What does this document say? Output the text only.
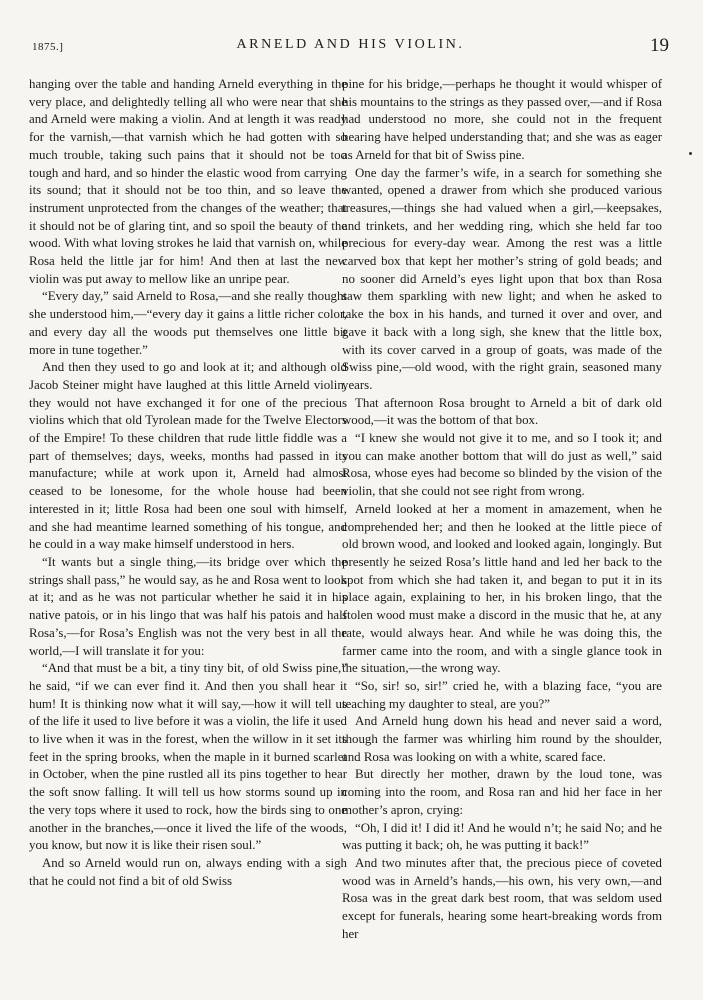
1875.]	ARNELD AND HIS VIOLIN.	19

hanging over the table and handing Arneld everything in the very place, and delightedly telling all who were near that she and Arneld were making a violin. And at length it was ready for the varnish,—that varnish which he had gotten with so much trouble, taking such pains that it should not be too tough and hard, and so hinder the elastic wood from carrying its sound; that it should not be too thin, and so leave the instrument unprotected from the changes of the weather; that it should not be of glaring tint, and so spoil the beauty of the wood. With what loving strokes he laid that varnish on, while Rosa held the little jar for him! And then at last the new violin was put away to mellow like an unripe pear.

“Every day,” said Arneld to Rosa,—and she really thought she understood him,—“every day it gains a little richer color, and every day all the woods put themselves one little bit more in tune together.”

And then they used to go and look at it; and although old Jacob Steiner might have laughed at this little Arneld violin, they would not have exchanged it for one of the precious violins which that old Tyrolean made for the Twelve Electors of the Empire! To these children that rude little fiddle was a part of themselves; days, weeks, months had passed in its manufacture; while at work upon it, Arneld had almost ceased to be lonesome, for the whole house had been interested in it; little Rosa had been one soul with himself, and she had meantime learned something of his tongue, and he could in a way make himself understood in hers.

“It wants but a single thing,—its bridge over which the strings shall pass,” he would say, as he and Rosa went to look at it; and as he was not particular whether he said it in his native patois, or in his lingo that was half his patois and half Rosa’s,—for Rosa’s English was not the very best in all the world,—I will translate it for you:

“And that must be a bit, a tiny tiny bit, of old Swiss pine,” he said, “if we can ever find it. And then you shall hear it hum! It is thinking now what it will say,—how it will tell us of the life it used to live before it was a violin, the life it used to live when it was in the forest, when the willow in it set its feet in the spring brooks, when the maple in it burned scarlet in October, when the pine rustled all its pins together to hear the soft snow falling. It will tell us how storms sound up in the very tops where it used to rock, how the birds sing to one another in the branches,—once it lived the life of the woods, you know, but now it is like their risen soul.”

And so Arneld would run on, always ending with a sigh that he could not find a bit of old Swiss

pine for his bridge,—perhaps he thought it would whisper of his mountains to the strings as they passed over,—and if Rosa had understood no more, she could not in the frequent hearing have helped understanding that; and she was as eager as Arneld for that bit of Swiss pine.

One day the farmer’s wife, in a search for something she wanted, opened a drawer from which she produced various treasures,—things she had valued when a girl,—keepsakes, and trinkets, and her wedding ring, which she held far too precious for every-day wear. Among the rest was a little carved box that kept her mother’s string of gold beads; and no sooner did Arneld’s eyes light upon that box than Rosa saw them sparkling with new light; and when he asked to take the box in his hands, and turned it over and over, and gave it back with a long sigh, she knew that the little box, with its cover carved in a group of goats, was made of the Swiss pine,—old wood, with the right grain, seasoned many years.

That afternoon Rosa brought to Arneld a bit of dark old wood,—it was the bottom of that box.

“I knew she would not give it to me, and so I took it; and you can make another bottom that will do just as well,” said Rosa, whose eyes had become so blinded by the vision of the violin, that she could not see right from wrong.

Arneld looked at her a moment in amazement, when he comprehended her; and then he looked at the little piece of old brown wood, and looked and looked again, longingly. But presently he seized Rosa’s little hand and led her back to the spot from which she had taken it, and began to put it in its place again, explaining to her, in his broken lingo, that the stolen wood must make a discord in the music that he, at any rate, would always hear. And while he was doing this, the farmer came into the room, and with a single glance took in the situation,—the wrong way.

“So, sir! so, sir!” cried he, with a blazing face, “you are teaching my daughter to steal, are you?”

And Arneld hung down his head and never said a word, though the farmer was whirling him round by the shoulder, and Rosa was looking on with a white, scared face.

But directly her mother, drawn by the loud tone, was coming into the room, and Rosa ran and hid her face in her mother’s apron, crying:

“Oh, I did it! I did it! And he would n’t; he said No; and he was putting it back; oh, he was putting it back!”

And two minutes after that, the precious piece of coveted wood was in Arneld’s hands,—his own, his very own,—and Rosa was in the great dark best room, that was seldom used except for funerals, hearing some heart-breaking words from her
